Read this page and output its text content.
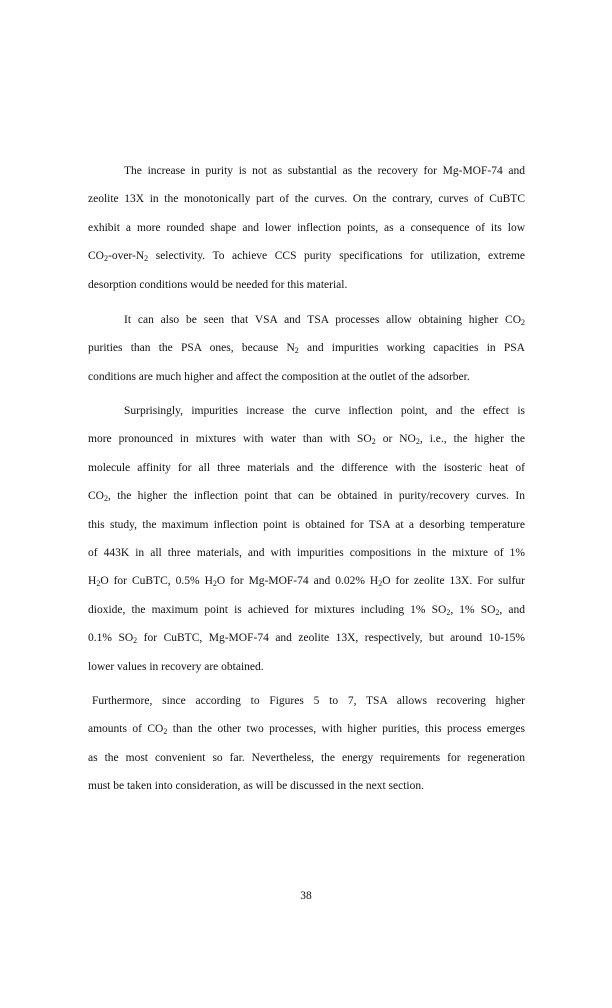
The increase in purity is not as substantial as the recovery for Mg-MOF-74 and
zeolite 13X in the monotonically part of the curves. On the contrary, curves of CuBTC
exhibit a more rounded shape and lower inflection points, as a consequence of its low
$CO_2-over-N_2$ selectivity. To achieve CCS purity specifications for utilization, extreme
desorption conditions would be needed for this material.
It can also be seen that VSA and TSA processes allow obtaining higher $CO_2$
purities than the PSA ones, because $N_2$ and impurities working capacities in PSA
conditions are much higher and affect the composition at the outlet of the adsorber.
Surprisingly, impurities increase the curve inflection point, and the effect is
more pronounced in mixtures with water than with $SO_2$ or $NO_2$, i.e., the higher the
molecule affinity for all three materials and the difference with the isosteric heat of
$CO_2$, the higher the inflection point that can be obtained in purity/recovery curves. In
this study, the maximum inflection point is obtained for TSA at a desorbing temperature
of 443K in all three materials, and with impurities compositions in the mixture of 1%
$H_2O$ for CuBTC, 0.5% $H_2O$ for Mg-MOF-74 and 0.02% $H_2O$ for zeolite 13X. For sulfur
dioxide, the maximum point is achieved for mixtures including 1% $SO_2$, 1% $SO_2$, and
0.1% $SO_2$ for CuBTC, Mg-MOF-74 and zeolite 13X, respectively, but around 10-15%
lower values in recovery are obtained.
Furthermore, since according to Figures 5 to 7, TSA allows recovering higher
amounts of $CO_2$ than the other two processes, with higher purities, this process emerges
as the most convenient so far. Nevertheless, the energy requirements for regeneration
must be taken into consideration, as will be discussed in the next section.
38
